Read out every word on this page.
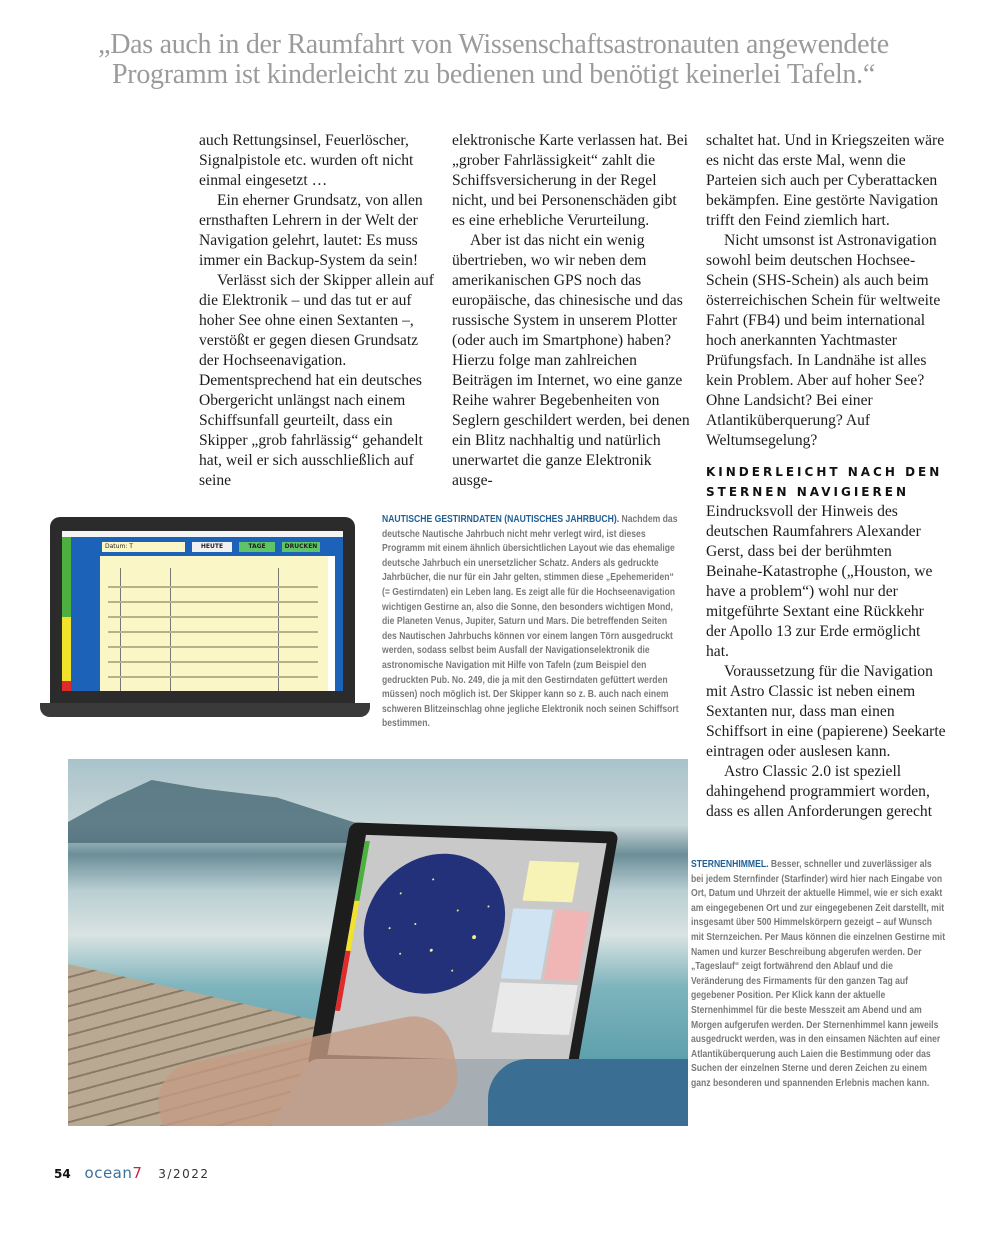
„Das auch in der Raumfahrt von Wissenschaftsastronauten angewendete
Programm ist kinderleicht zu bedienen und benötigt keinerlei Tafeln.“

auch Rettungsinsel, Feuerlöscher, Signalpistole etc. wurden oft nicht einmal eingesetzt …

Ein eherner Grundsatz, von allen ernsthaften Lehrern in der Welt der Navigation gelehrt, lautet: Es muss immer ein Backup-System da sein!

Verlässt sich der Skipper allein auf die Elektronik – und das tut er auf hoher See ohne einen Sextanten –, verstößt er gegen diesen Grundsatz der Hochseenavigation. Dementsprechend hat ein deutsches Obergericht unlängst nach einem Schiffsunfall geurteilt, dass ein Skipper „grob fahrlässig“ gehandelt hat, weil er sich ausschließlich auf seine

elektronische Karte verlassen hat. Bei „grober Fahrlässigkeit“ zahlt die Schiffsversicherung in der Regel nicht, und bei Personenschäden gibt es eine erhebliche Verurteilung.

Aber ist das nicht ein wenig übertrieben, wo wir neben dem amerikanischen GPS noch das europäische, das chinesische und das russische System in unserem Plotter (oder auch im Smartphone) haben? Hierzu folge man zahlreichen Beiträgen im Internet, wo eine ganze Reihe wahrer Begebenheiten von Seglern geschildert werden, bei denen ein Blitz nachhaltig und natürlich unerwartet die ganze Elektronik ausge-

schaltet hat. Und in Kriegszeiten wäre es nicht das erste Mal, wenn die Parteien sich auch per Cyberattacken bekämpfen. Eine gestörte Navigation trifft den Feind ziemlich hart.

Nicht umsonst ist Astronavigation sowohl beim deutschen Hochsee-Schein (SHS-Schein) als auch beim österreichischen Schein für weltweite Fahrt (FB4) und beim international hoch anerkannten Yachtmaster Prüfungsfach. In Landnähe ist alles kein Problem. Aber auf hoher See? Ohne Landsicht? Bei einer Atlantiküberquerung? Auf Weltumsegelung?

KINDERLEICHT NACH DEN STERNEN NAVIGIEREN

Eindrucksvoll der Hinweis des deutschen Raumfahrers Alexander Gerst, dass bei der berühmten Beinahe-Katastrophe („Houston, we have a problem“) wohl nur der mitgeführte Sextant eine Rückkehr der Apollo 13 zur Erde ermöglicht hat.

Voraussetzung für die Navigation mit Astro Classic ist neben einem Sextanten nur, dass man einen Schiffsort in eine (papierene) Seekarte eintragen oder auslesen kann.

Astro Classic 2.0 ist speziell dahingehend programmiert worden, dass es allen Anforderungen gerecht

Datum: T	HEUTE	TAGE	DRUCKEN
NAUTISCHE GESTIRNDATEN (NAUTISCHES JAHRBUCH). Nachdem das deutsche Nautische Jahrbuch nicht mehr verlegt wird, ist dieses Programm mit einem ähnlich übersichtlichen Layout wie das ehemalige deutsche Jahrbuch ein unersetzlicher Schatz. Anders als gedruckte Jahrbücher, die nur für ein Jahr gelten, stimmen diese „Epehemeriden“ (= Gestirndaten) ein Leben lang. Es zeigt alle für die Hochseenavigation wichtigen Gestirne an, also die Sonne, den besonders wichtigen Mond, die Planeten Venus, Jupiter, Saturn und Mars. Die betreffenden Seiten des Nautischen Jahrbuchs können vor einem langen Törn ausgedruckt werden, sodass selbst beim Ausfall der Navigationselektronik die astronomische Navigation mit Hilfe von Tafeln (zum Beispiel den gedruckten Pub. No. 249, die ja mit den Gestirndaten gefüttert werden müssen) noch möglich ist. Der Skipper kann so z. B. auch nach einem schweren Blitzeinschlag ohne jegliche Elektronik noch seinen Schiffsort bestimmen.
STERNENHIMMEL. Besser, schneller und zuverlässiger als bei jedem Sternfinder (Starfinder) wird hier nach Eingabe von Ort, Datum und Uhrzeit der aktuelle Himmel, wie er sich exakt am eingegebenen Ort und zur eingegebenen Zeit darstellt, mit insgesamt über 500 Himmelskörpern gezeigt – auf Wunsch mit Sternzeichen. Per Maus können die einzelnen Gestirne mit Namen und kurzer Beschreibung abgerufen werden. Der „Tageslauf“ zeigt fortwährend den Ablauf und die Veränderung des Firmaments für den ganzen Tag auf gegebener Position. Per Klick kann der aktuelle Sternenhimmel für die beste Messzeit am Abend und am Morgen aufgerufen werden. Der Sternenhimmel kann jeweils ausgedruckt werden, was in den einsamen Nächten auf einer Atlantiküberquerung auch Laien die Bestimmung oder das Suchen der einzelnen Sterne und deren Zeichen zu einem ganz besonderen und spannenden Erlebnis machen kann.
54 ocean7 3/2022
